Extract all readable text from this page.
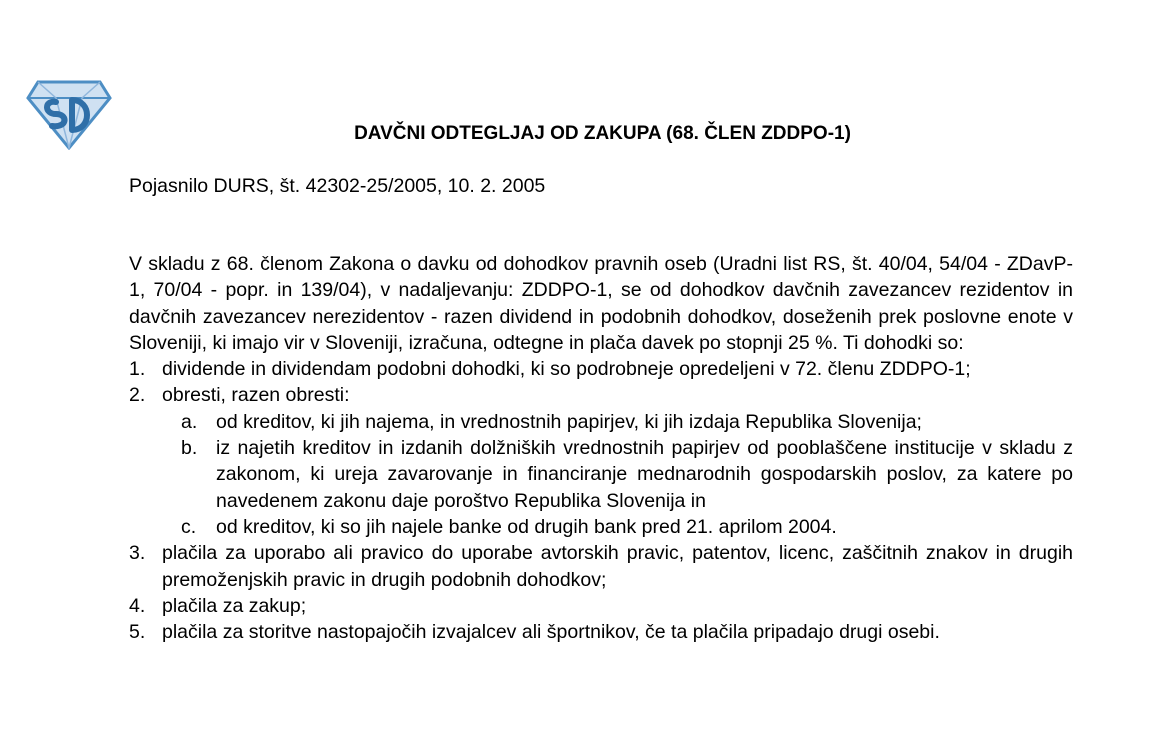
DAVČNI ODTEGLJAJ OD ZAKUPA (68. ČLEN ZDDPO-1)

Pojasnilo DURS, št. 42302-25/2005, 10. 2. 2005

V skladu z 68. členom Zakona o davku od dohodkov pravnih oseb (Uradni list RS, št. 40/04, 54/04 - ZDavP-1, 70/04 - popr. in 139/04), v nadaljevanju: ZDDPO-1, se od dohodkov davčnih zavezancev rezidentov in davčnih zavezancev nerezidentov - razen dividend in podobnih dohodkov, doseženih prek poslovne enote v Sloveniji, ki imajo vir v Sloveniji, izračuna, odtegne in plača davek po stopnji 25 %. Ti dohodki so:

1. dividende in dividendam podobni dohodki, ki so podrobneje opredeljeni v 72. členu ZDDPO-1;
2. obresti, razen obresti:
a. od kreditov, ki jih najema, in vrednostnih papirjev, ki jih izdaja Republika Slovenija;
b. iz najetih kreditov in izdanih dolžniških vrednostnih papirjev od pooblaščene institucije v skladu z zakonom, ki ureja zavarovanje in financiranje mednarodnih gospodarskih poslov, za katere po navedenem zakonu daje poroštvo Republika Slovenija in
c. od kreditov, ki so jih najele banke od drugih bank pred 21. aprilom 2004.
3. plačila za uporabo ali pravico do uporabe avtorskih pravic, patentov, licenc, zaščitnih znakov in drugih premoženjskih pravic in drugih podobnih dohodkov;
4. plačila za zakup;
5. plačila za storitve nastopajočih izvajalcev ali športnikov, če ta plačila pripadajo drugi osebi.
